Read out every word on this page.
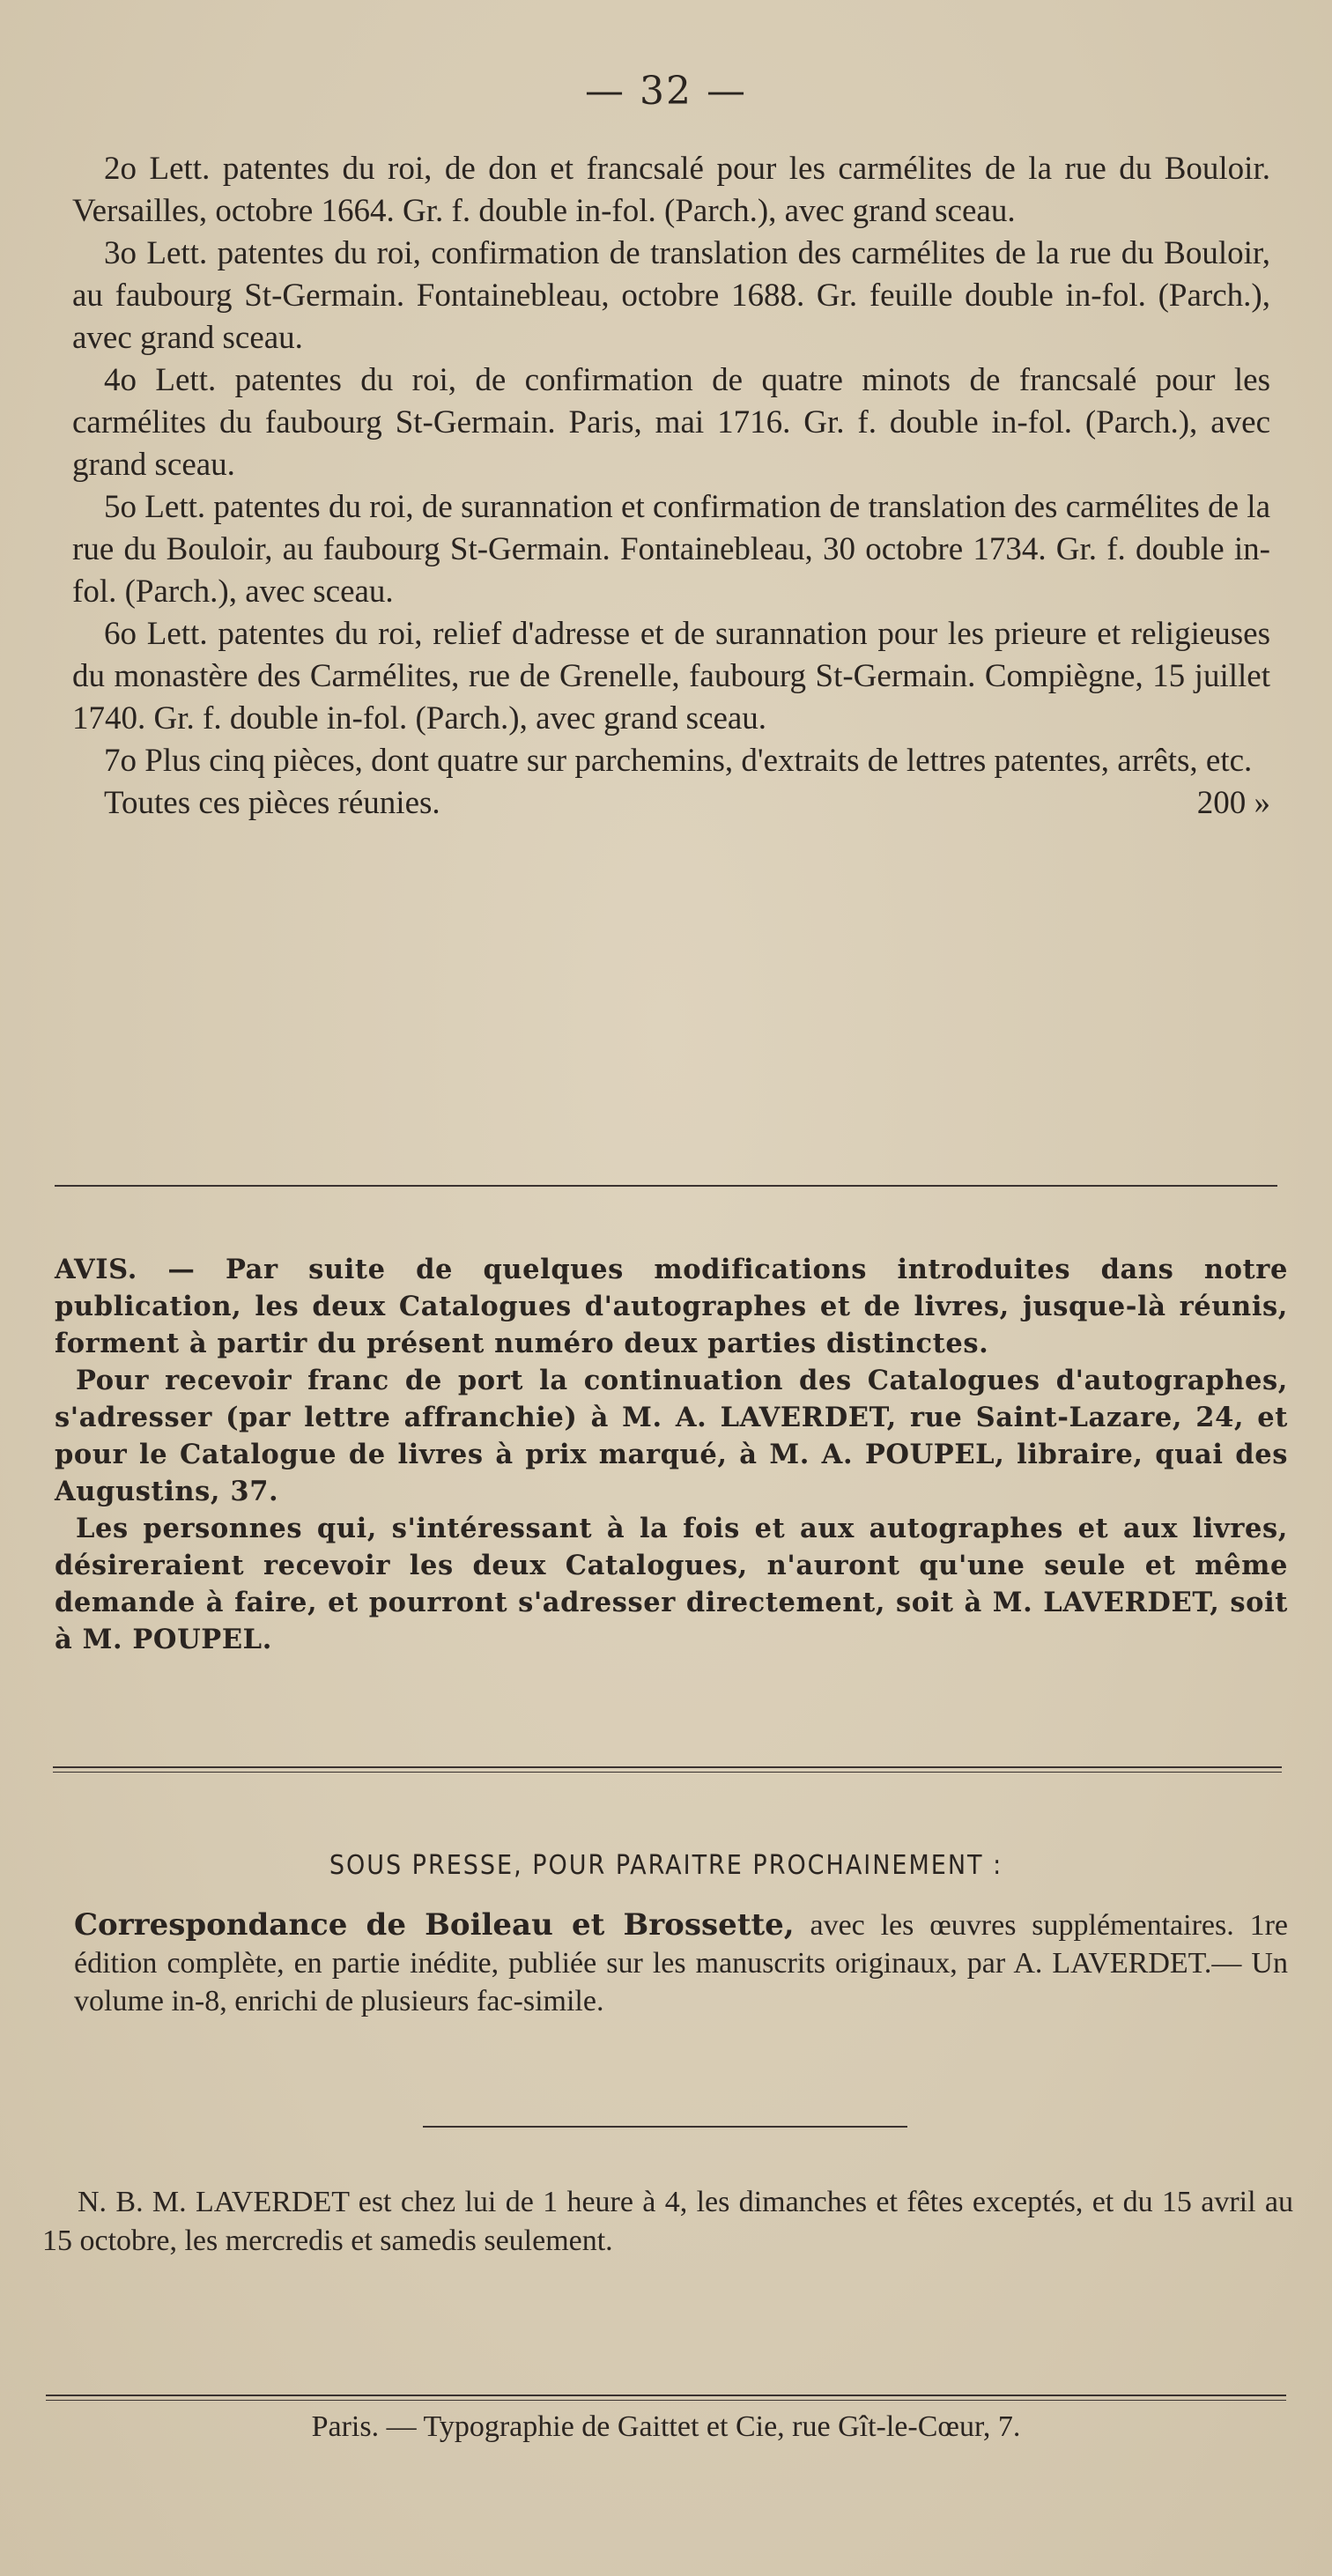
— 32 —

2o Lett. patentes du roi, de don et francsalé pour les carmélites de la rue du Bouloir. Versailles, octobre 1664. Gr. f. double in-fol. (Parch.), avec grand sceau.

3o Lett. patentes du roi, confirmation de translation des carmélites de la rue du Bouloir, au faubourg St-Germain. Fontainebleau, octobre 1688. Gr. feuille double in-fol. (Parch.), avec grand sceau.

4o Lett. patentes du roi, de confirmation de quatre minots de francsalé pour les carmélites du faubourg St-Germain. Paris, mai 1716. Gr. f. double in-fol. (Parch.), avec grand sceau.

5o Lett. patentes du roi, de surannation et confirmation de translation des carmélites de la rue du Bouloir, au faubourg St-Germain. Fontainebleau, 30 octobre 1734. Gr. f. double in-fol. (Parch.), avec sceau.

6o Lett. patentes du roi, relief d'adresse et de surannation pour les prieure et religieuses du monastère des Carmélites, rue de Grenelle, faubourg St-Germain. Compiègne, 15 juillet 1740. Gr. f. double in-fol. (Parch.), avec grand sceau.

7o Plus cinq pièces, dont quatre sur parchemins, d'extraits de lettres patentes, arrêts, etc.

Toutes ces pièces réunies.	200 »

AVIS. — Par suite de quelques modifications introduites dans notre publication, les deux Catalogues d'autographes et de livres, jusque-là réunis, forment à partir du présent numéro deux parties distinctes.

Pour recevoir franc de port la continuation des Catalogues d'autographes, s'adresser (par lettre affranchie) à M. A. LAVERDET, rue Saint-Lazare, 24, et pour le Catalogue de livres à prix marqué, à M. A. POUPEL, libraire, quai des Augustins, 37.

Les personnes qui, s'intéressant à la fois et aux autographes et aux livres, désireraient recevoir les deux Catalogues, n'auront qu'une seule et même demande à faire, et pourront s'adresser directement, soit à M. LAVERDET, soit à M. POUPEL.

SOUS PRESSE, POUR PARAITRE PROCHAINEMENT :
Correspondance de Boileau et Brossette, avec les œuvres supplémentaires. 1re édition complète, en partie inédite, publiée sur les manuscrits originaux, par A. LAVERDET.— Un volume in-8, enrichi de plusieurs fac-simile.

N. B. M. LAVERDET est chez lui de 1 heure à 4, les dimanches et fêtes exceptés, et du 15 avril au 15 octobre, les mercredis et samedis seulement.

Paris. — Typographie de Gaittet et Cie, rue Gît-le-Cœur, 7.
